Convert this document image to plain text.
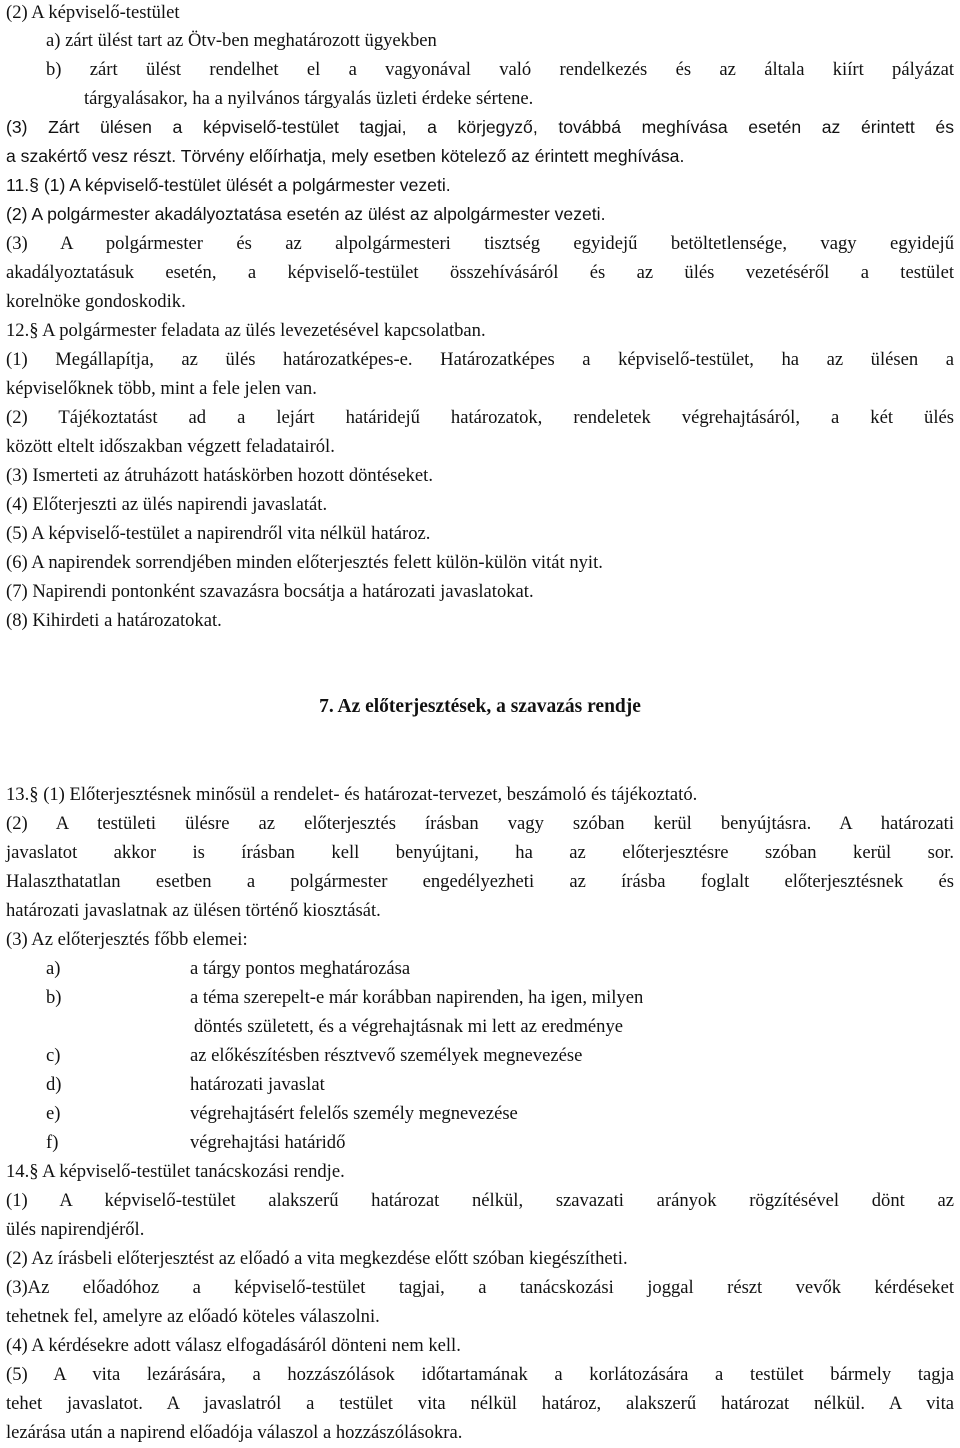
(2) A képviselő-testület
a) zárt ülést tart az Ötv-ben meghatározott ügyekben
b) zárt ülést rendelhet el a vagyonával való rendelkezés és az általa kiírt pályázat
tárgyalásakor, ha a nyilvános tárgyalás üzleti érdeke sértene.
(3) Zárt ülésen a képviselő-testület tagjai, a körjegyző, továbbá meghívása esetén az érintett és
a szakértő vesz részt. Törvény előírhatja, mely esetben kötelező az érintett meghívása.
11.§ (1) A képviselő-testület ülését a polgármester vezeti.
(2) A polgármester akadályoztatása esetén az ülést az alpolgármester vezeti.
(3) A polgármester és az alpolgármesteri tisztség egyidejű betöltetlensége, vagy egyidejű
akadályoztatásuk esetén, a képviselő-testület összehívásáról és az ülés vezetéséről a testület
korelnöke gondoskodik.
12.§ A polgármester feladata az ülés levezetésével kapcsolatban.
(1) Megállapítja, az ülés határozatképes-e. Határozatképes a képviselő-testület, ha az ülésen a
képviselőknek több, mint a fele jelen van.
(2) Tájékoztatást ad a lejárt határidejű határozatok, rendeletek végrehajtásáról, a két ülés
között eltelt időszakban végzett feladatairól.
(3) Ismerteti az átruházott hatáskörben hozott döntéseket.
(4) Előterjeszti az ülés napirendi javaslatát.
(5) A képviselő-testület a napirendről vita nélkül határoz.
(6) A napirendek sorrendjében minden előterjesztés felett külön-külön vitát nyit.
(7) Napirendi pontonként szavazásra bocsátja a határozati javaslatokat.
(8) Kihirdeti a határozatokat.
7. Az előterjesztések, a szavazás rendje
13.§ (1) Előterjesztésnek minősül a rendelet- és határozat-tervezet, beszámoló és tájékoztató.
(2) A testületi ülésre az előterjesztés írásban vagy szóban kerül benyújtásra. A határozati
javaslatot akkor is írásban kell benyújtani, ha az előterjesztésre szóban kerül sor.
Halaszthatatlan esetben a polgármester engedélyezheti az írásba foglalt előterjesztésnek és
határozati javaslatnak az ülésen történő kiosztását.
(3) Az előterjesztés főbb elemei:
a)	a tárgy pontos meghatározása
b)	a téma szerepelt-e már korábban napirenden, ha igen, milyen
döntés született, és a végrehajtásnak mi lett az eredménye
c)	az előkészítésben résztvevő személyek megnevezése
d)	határozati javaslat
e)	végrehajtásért felelős személy megnevezése
f)	végrehajtási határidő
14.§ A képviselő-testület tanácskozási rendje.
(1) A képviselő-testület alakszerű határozat nélkül, szavazati arányok rögzítésével dönt az
ülés napirendjéről.
(2) Az írásbeli előterjesztést az előadó a vita megkezdése előtt szóban kiegészítheti.
(3)Az előadóhoz a képviselő-testület tagjai, a tanácskozási joggal részt vevők kérdéseket
tehetnek fel, amelyre az előadó köteles válaszolni.
(4) A kérdésekre adott válasz elfogadásáról dönteni nem kell.
(5) A vita lezárására, a hozzászólások időtartamának a korlátozására a testület bármely tagja
tehet javaslatot. A javaslatról a testület vita nélkül határoz, alakszerű határozat nélkül. A vita
lezárása után a napirend előadója válaszol a hozzászólásokra.
